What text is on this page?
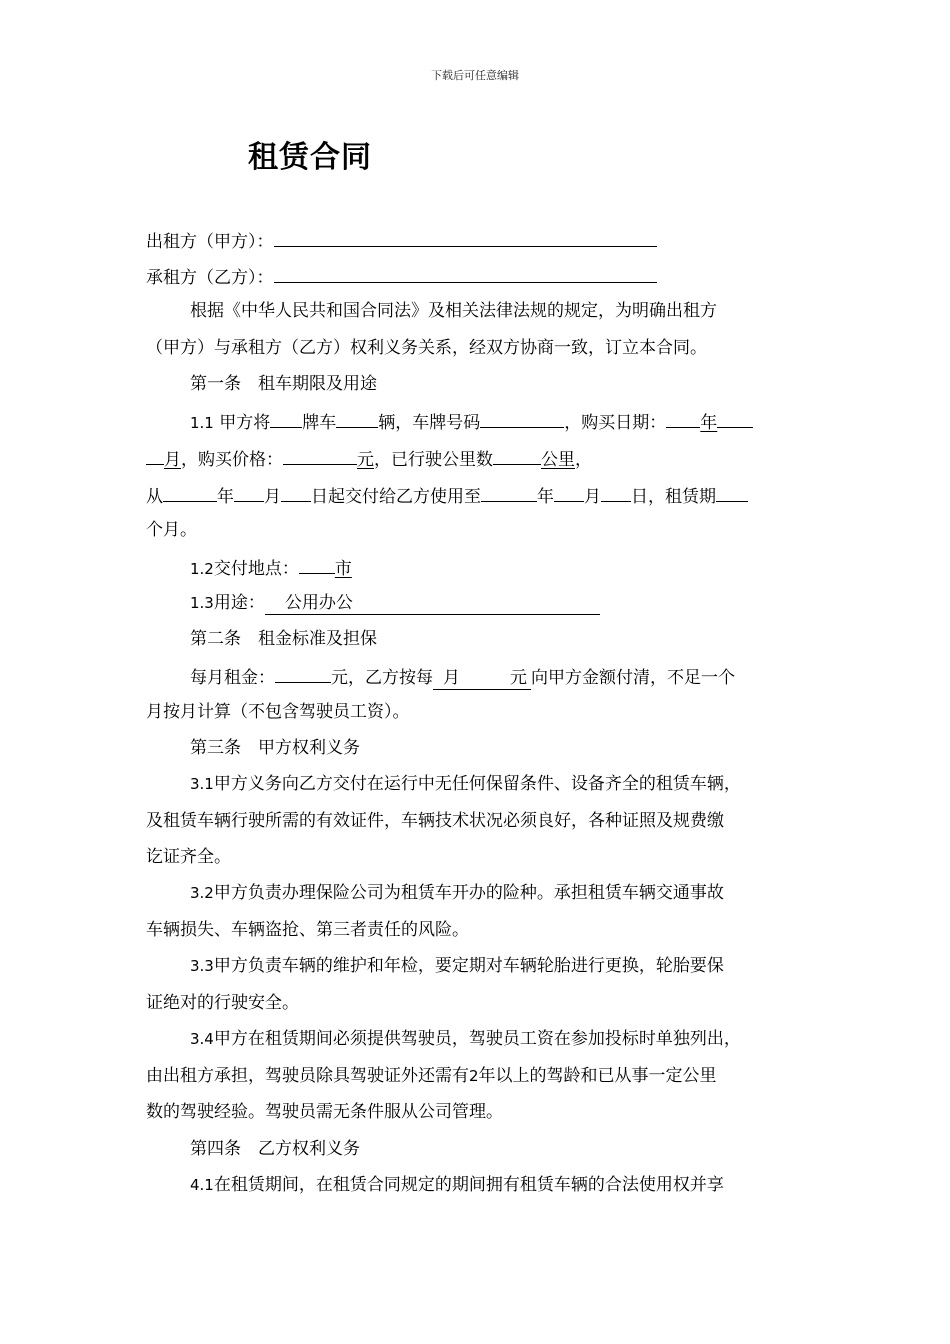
下载后可任意编辑
租赁合同
出租方（甲方）：
承租方（乙方）：
根据《中华人民共和国合同法》及相关法律法规的规定，为明确出租方
（甲方）与承租方（乙方）权利义务关系，经双方协商一致，订立本合同。
第一条　租车期限及用途
1.1 甲方将 牌车 辆，车牌号码	，购买日期： 年
月，购买价格：	元，已行驶公里数	公里，
从	年 月 日起交付给乙方使用至	年 月 日，租赁期
个月。
1.2交付地点： 市
1.3用途： 公用办公
第二条　租金标准及担保
每月租金：	元，乙方按每 月	元 向甲方金额付清，不足一个
月按月计算（不包含驾驶员工资）。
第三条　甲方权利义务
3.1甲方义务向乙方交付在运行中无任何保留条件、设备齐全的租赁车辆，
及租赁车辆行驶所需的有效证件，车辆技术状况必须良好，各种证照及规费缴
讫证齐全。
3.2甲方负责办理保险公司为租赁车开办的险种。承担租赁车辆交通事故
车辆损失、车辆盗抢、第三者责任的风险。
3.3甲方负责车辆的维护和年检，要定期对车辆轮胎进行更换，轮胎要保
证绝对的行驶安全。
3.4甲方在租赁期间必须提供驾驶员，驾驶员工资在参加投标时单独列出，
由出租方承担，驾驶员除具驾驶证外还需有2年以上的驾龄和已从事一定公里
数的驾驶经验。驾驶员需无条件服从公司管理。
第四条　乙方权利义务
4.1在租赁期间，在租赁合同规定的期间拥有租赁车辆的合法使用权并享
